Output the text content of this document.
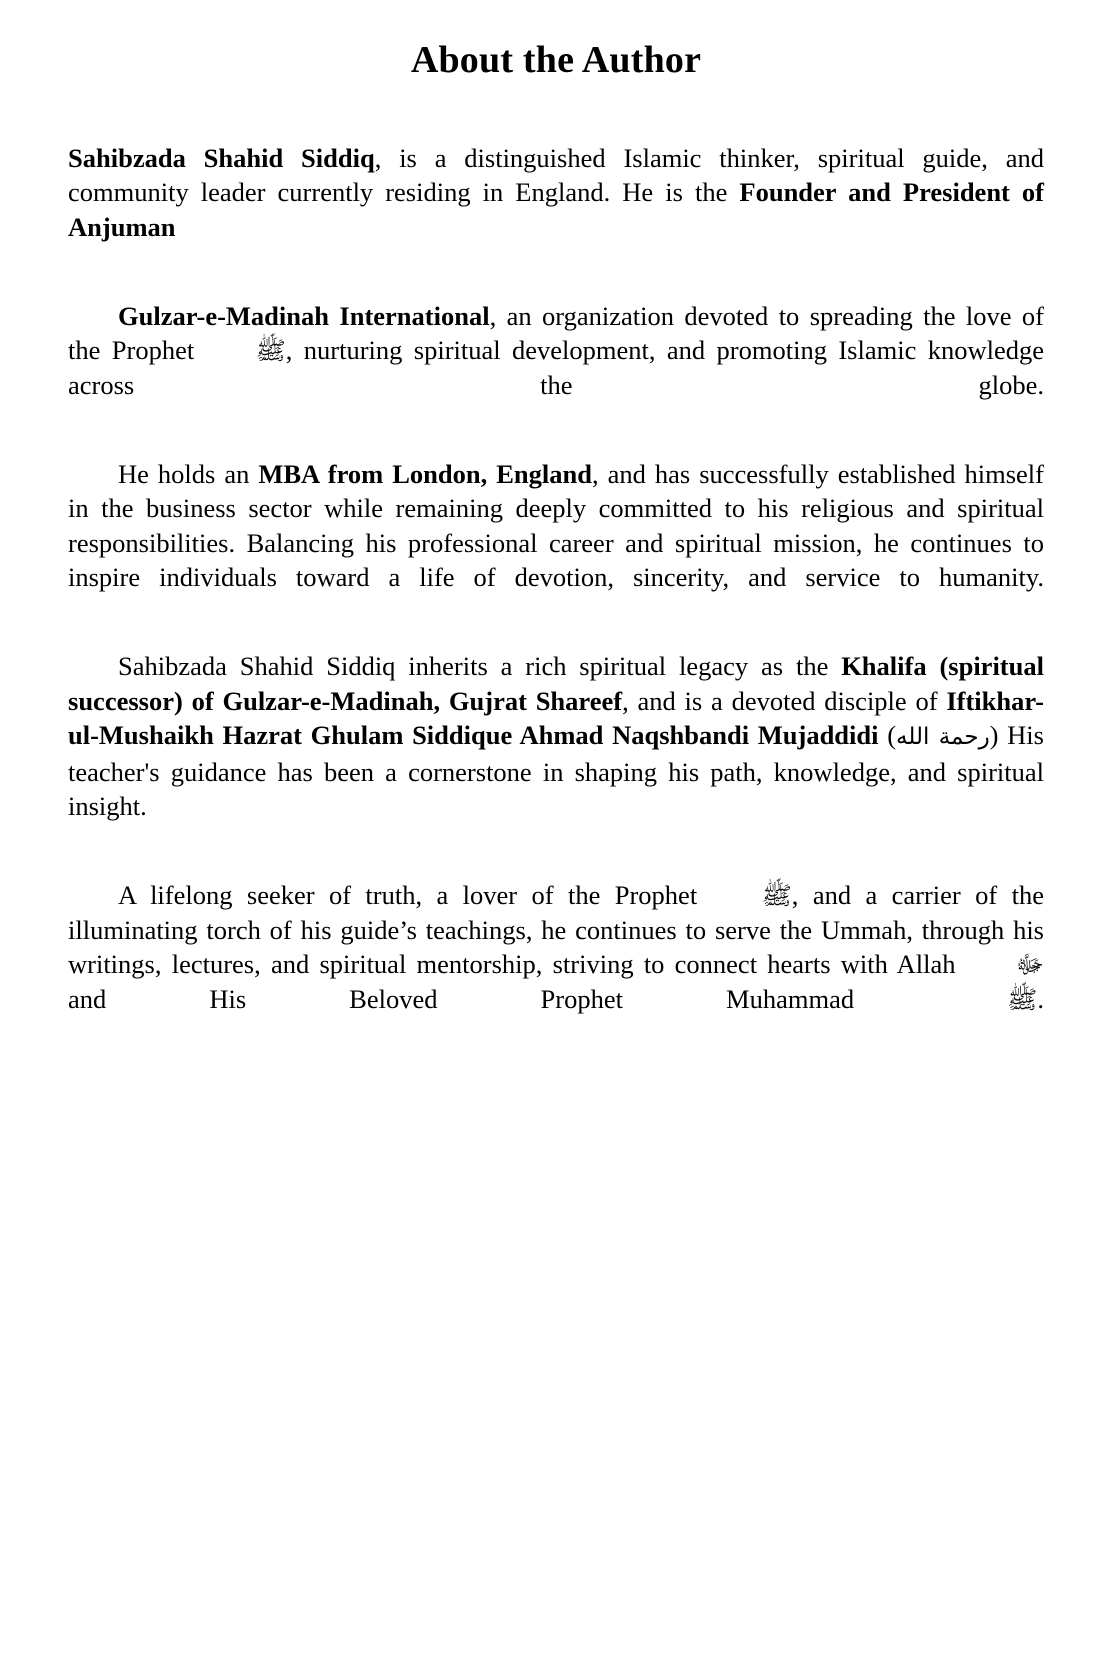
About the Author

Sahibzada Shahid Siddiq, is a distinguished Islamic thinker, spiritual guide, and community leader currently residing in England. He is the Founder and President of Anjuman

Gulzar-e-Madinah International, an organization devoted to spreading the love of the Prophet ﷺ, nurturing spiritual development, and promoting Islamic knowledge across the globe.

He holds an MBA from London, England, and has successfully established himself in the business sector while remaining deeply committed to his religious and spiritual responsibilities. Balancing his professional career and spiritual mission, he continues to inspire individuals toward a life of devotion, sincerity, and service to humanity.

Sahibzada Shahid Siddiq inherits a rich spiritual legacy as the Khalifa (spiritual successor) of Gulzar-e-Madinah, Gujrat Shareef, and is a devoted disciple of Iftikhar-ul-Mushaikh Hazrat Ghulam Siddique Ahmad Naqshbandi Mujaddidi (رحمة الله) His teacher's guidance has been a cornerstone in shaping his path, knowledge, and spiritual insight.

A lifelong seeker of truth, a lover of the Prophet ﷺ, and a carrier of the illuminating torch of his guide’s teachings, he continues to serve the Ummah, through his writings, lectures, and spiritual mentorship, striving to connect hearts with Allah ﷻ and His Beloved Prophet Muhammad ﷺ.
